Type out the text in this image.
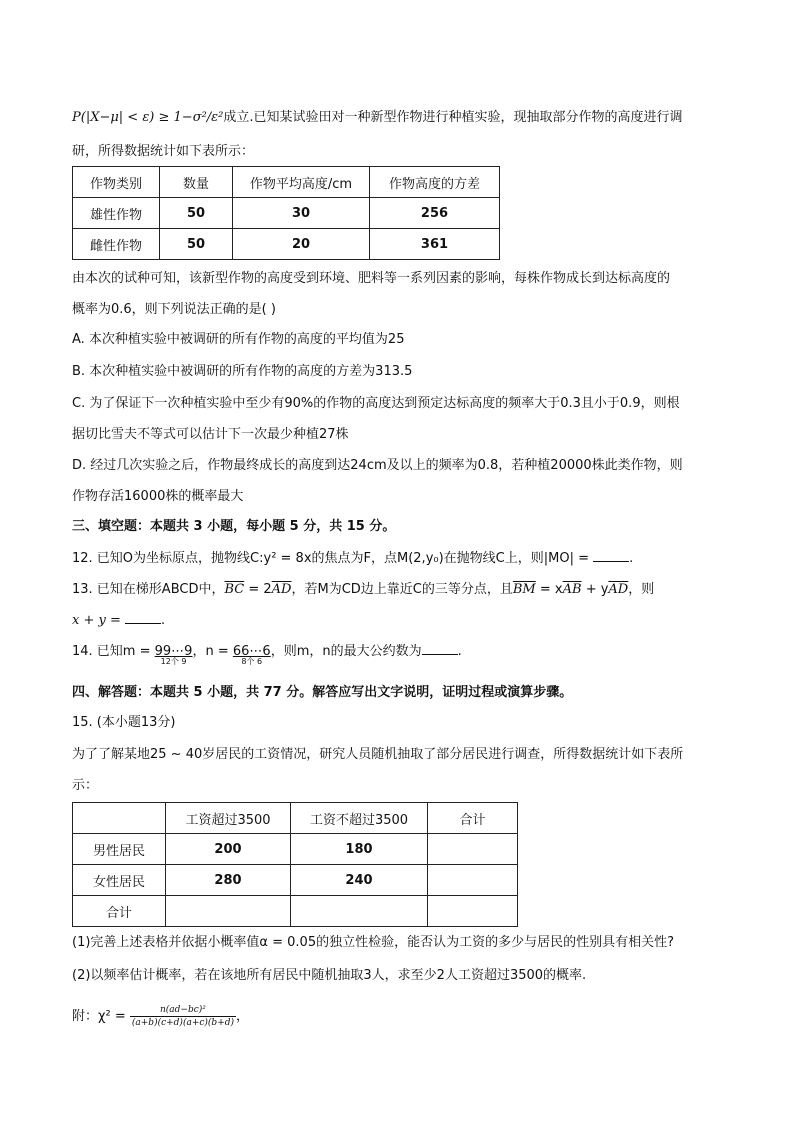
P(|X−μ| < ε) ≥ 1−σ²/ε²成立.已知某试验田对一种新型作物进行种植实验，现抽取部分作物的高度进行调
研，所得数据统计如下表所示：
作物类别	数量	作物平均高度/cm	作物高度的方差
雄性作物	50	30	256
雌性作物	50	20	361
由本次的试种可知，该新型作物的高度受到环境、肥料等一系列因素的影响，每株作物成长到达标高度的
概率为0.6，则下列说法正确的是( )
A. 本次种植实验中被调研的所有作物的高度的平均值为25
B. 本次种植实验中被调研的所有作物的高度的方差为313.5
C. 为了保证下一次种植实验中至少有90%的作物的高度达到预定达标高度的频率大于0.3且小于0.9，则根
据切比雪夫不等式可以估计下一次最少种植27株
D. 经过几次实验之后，作物最终成长的高度到达24cm及以上的频率为0.8，若种植20000株此类作物，则
作物存活16000株的概率最大
三、填空题：本题共 3 小题，每小题 5 分，共 15 分。
12. 已知O为坐标原点，抛物线C:y² = 8x的焦点为F，点M(2,y₀)在抛物线C上，则|MO| =	.
13. 已知在梯形ABCD中，$\overline{BC} = 2\overline{AD}$，若M为CD边上靠近C的三等分点，且$\overline{BM} = x\overline{AB} + y\overline{AD}$，则
x + y =	.
14. 已知m = 99⋯9
12个 9
，n = 66⋯6
8个 6
，则m，n的最大公约数为	.
四、解答题：本题共 5 小题，共 77 分。解答应写出文字说明，证明过程或演算步骤。
15. (本小题13分)
为了了解某地25 ~ 40岁居民的工资情况，研究人员随机抽取了部分居民进行调查，所得数据统计如下表所
示：
	工资超过3500	工资不超过3500	合计
男性居民	200	180	
女性居民	280	240	
合计			
(1)完善上述表格并依据小概率值α = 0.05的独立性检验，能否认为工资的多少与居民的性别具有相关性?
(2)以频率估计概率，若在该地所有居民中随机抽取3人，求至少2人工资超过3500的概率.
附：$\chi^2 = \frac{\text{n(ad−bc)²}}{(a+b)(c+d)(a+c)(b+d)}$ ，
